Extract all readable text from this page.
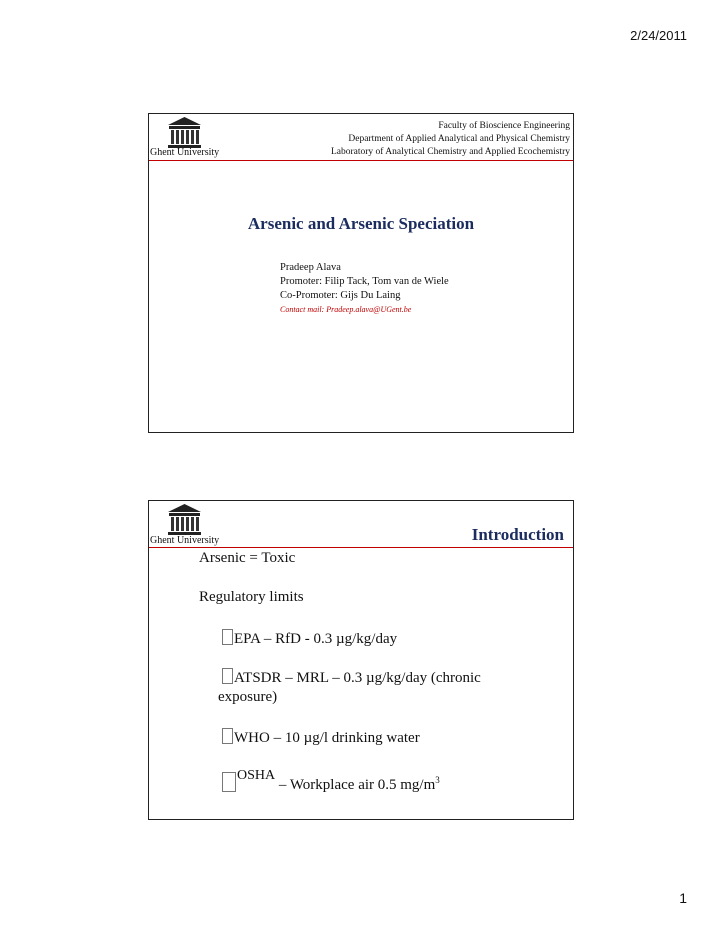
2/24/2011
Ghent University
Faculty of Bioscience Engineering
Department of Applied Analytical and Physical Chemistry
Laboratory of Analytical Chemistry and Applied Ecochemistry
Arsenic and Arsenic Speciation
Pradeep Alava
Promoter: Filip Tack, Tom van de Wiele
Co-Promoter: Gijs Du Laing
Contact mail: Pradeep.alava@UGent.be
Ghent University	Introduction
Arsenic = Toxic
Regulatory limits
EPA – RfD - 0.3 µg/kg/day
ATSDR – MRL – 0.3 µg/kg/day (chronic
exposure)
WHO – 10 µg/l drinking water
OSHA – Workplace air 0.5 $mg/m^3$
1
